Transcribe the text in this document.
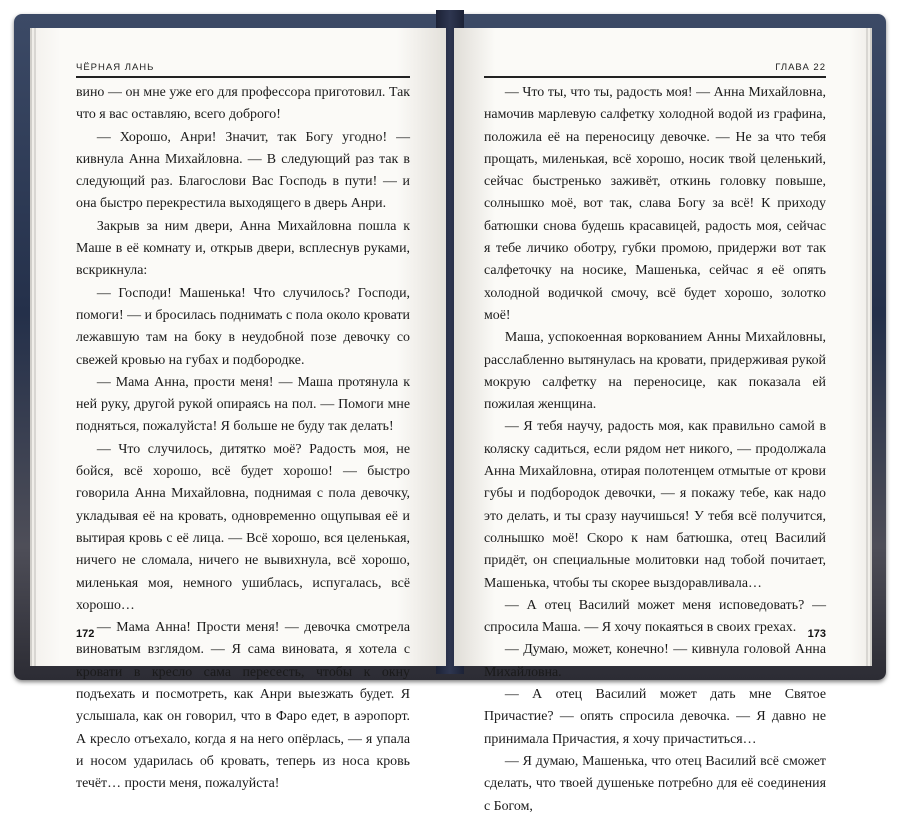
ЧЁРНАЯ ЛАНЬ

вино — он мне уже его для профессора приготовил. Так что я вас оставляю, всего доброго!

— Хорошо, Анри! Значит, так Богу угодно! — кивнула Анна Михайловна. — В следующий раз так в следующий раз. Благослови Вас Господь в пути! — и она быстро перекрестила выходящего в дверь Анри.

Закрыв за ним двери, Анна Михайловна пошла к Маше в её комнату и, открыв двери, всплеснув руками, вскрикнула:

— Господи! Машенька! Что случилось? Господи, помоги! — и бросилась поднимать с пола около кровати лежавшую там на боку в неудобной позе девочку со свежей кровью на губах и подбородке.

— Мама Анна, прости меня! — Маша протянула к ней руку, другой рукой опираясь на пол. — Помоги мне подняться, пожалуйста! Я больше не буду так делать!

— Что случилось, дитятко моё? Радость моя, не бойся, всё хорошо, всё будет хорошо! — быстро говорила Анна Михайловна, поднимая с пола девочку, укладывая её на кровать, одновременно ощупывая её и вытирая кровь с её лица. — Всё хорошо, вся целенькая, ничего не сломала, ничего не вывихнула, всё хорошо, миленькая моя, немного ушиблась, испугалась, всё хорошо…

— Мама Анна! Прости меня! — девочка смотрела виноватым взглядом. — Я сама виновата, я хотела с кровати в кресло сама пересесть, чтобы к окну подъехать и посмотреть, как Анри выезжать будет. Я услышала, как он говорил, что в Фаро едет, в аэропорт. А кресло отъехало, когда я на него опёрлась, — я упала и носом ударилась об кровать, теперь из носа кровь течёт… прости меня, пожалуйста!

172
ГЛАВА 22

— Что ты, что ты, радость моя! — Анна Михайловна, намочив марлевую салфетку холодной водой из графина, положила её на переносицу девочке. — Не за что тебя прощать, миленькая, всё хорошо, носик твой целенький, сейчас быстренько заживёт, откинь головку повыше, солнышко моё, вот так, слава Богу за всё! К приходу батюшки снова будешь красавицей, радость моя, сейчас я тебе личико оботру, губки промою, придержи вот так салфеточку на носике, Машенька, сейчас я её опять холодной водичкой смочу, всё будет хорошо, золотко моё!

Маша, успокоенная воркованием Анны Михайловны, расслабленно вытянулась на кровати, придерживая рукой мокрую салфетку на переносице, как показала ей пожилая женщина.

— Я тебя научу, радость моя, как правильно самой в коляску садиться, если рядом нет никого, — продолжала Анна Михайловна, отирая полотенцем отмытые от крови губы и подбородок девочки, — я покажу тебе, как надо это делать, и ты сразу научишься! У тебя всё получится, солнышко моё! Скоро к нам батюшка, отец Василий придёт, он специальные молитовки над тобой почитает, Машенька, чтобы ты скорее выздоравливала…

— А отец Василий может меня исповедовать? — спросила Маша. — Я хочу покаяться в своих грехах.

— Думаю, может, конечно! — кивнула головой Анна Михайловна.

— А отец Василий может дать мне Святое Причастие? — опять спросила девочка. — Я давно не принимала Причастия, я хочу причаститься…

— Я думаю, Машенька, что отец Василий всё сможет сделать, что твоей душеньке потребно для её соединения с Богом,

173
